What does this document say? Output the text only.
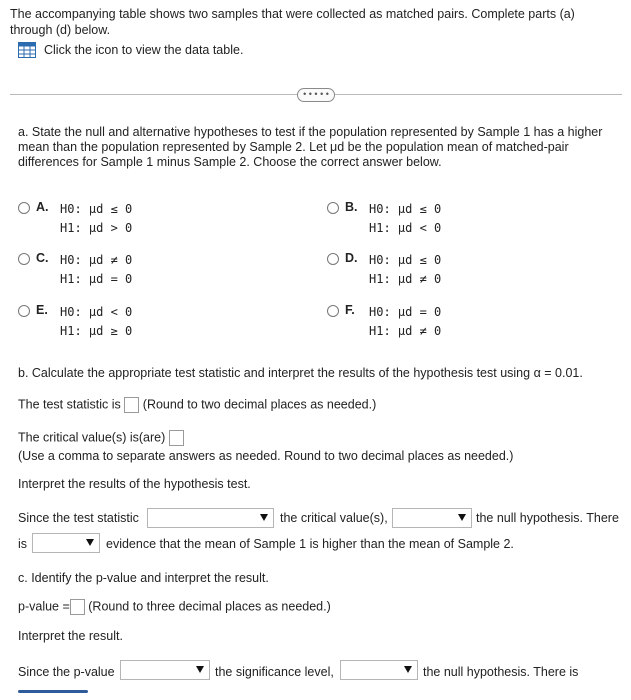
The accompanying table shows two samples that were collected as matched pairs. Complete parts (a) through (d) below.
Click the icon to view the data table.
• • • • •
a. State the null and alternative hypotheses to test if the population represented by Sample 1 has a higher mean than the population represented by Sample 2. Let μd be the population mean of matched-pair differences for Sample 1 minus Sample 2. Choose the correct answer below.
A. H0: μd ≤ 0
H1: μd > 0
B. H0: μd ≤ 0
H1: μd < 0
C. H0: μd ≠ 0
H1: μd = 0
D. H0: μd ≤ 0
H1: μd ≠ 0
E.	H0: μd < 0
H1: μd ≥ 0
F.	H0: μd = 0
H1: μd ≠ 0
b. Calculate the appropriate test statistic and interpret the results of the hypothesis test using α = 0.01.
The test statistic is (Round to two decimal places as needed.)
The critical value(s) is(are)
(Use a comma to separate answers as needed. Round to two decimal places as needed.)
Interpret the results of the hypothesis test.
Since the test statistic	the critical value(s),	the null hypothesis. There
is	evidence that the mean of Sample 1 is higher than the mean of Sample 2.
c. Identify the p-value and interpret the result.
p-value = (Round to three decimal places as needed.)
Interpret the result.
Since the p-value	the significance level,	the null hypothesis. There is
